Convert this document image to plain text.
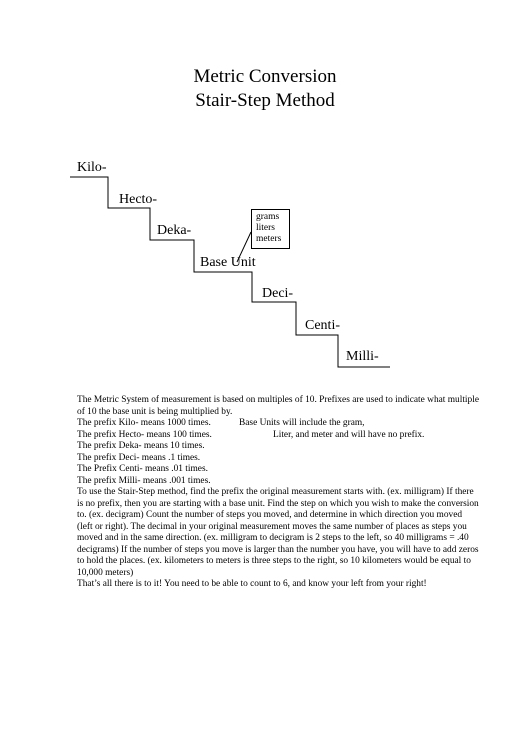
Metric Conversion
Stair-Step Method
Kilo-
Hecto-
Deka-
Base Unit
Deci-
Centi-
Milli-
grams
liters
meters
The Metric System of measurement is based on multiples of 10. Prefixes are used to indicate what multiple
of 10 the base unit is being multiplied by.
The prefix Kilo- means 1000 times.	Base Units will include the gram,
The prefix Hecto- means 100 times.	Liter, and meter and will have no prefix.
The prefix Deka- means 10 times.
The prefix Deci- means .1 times.
The Prefix Centi- means .01 times.
The prefix Milli- means .001 times.
To use the Stair-Step method, find the prefix the original measurement starts with. (ex. milligram) If there
is no prefix, then you are starting with a base unit. Find the step on which you wish to make the conversion
to. (ex. decigram) Count the number of steps you moved, and determine in which direction you moved
(left or right). The decimal in your original measurement moves the same number of places as steps you
moved and in the same direction. (ex. milligram to decigram is 2 steps to the left, so 40 milligrams = .40
decigrams) If the number of steps you move is larger than the number you have, you will have to add zeros
to hold the places. (ex. kilometers to meters is three steps to the right, so 10 kilometers would be equal to
10,000 meters)
That’s all there is to it! You need to be able to count to 6, and know your left from your right!
